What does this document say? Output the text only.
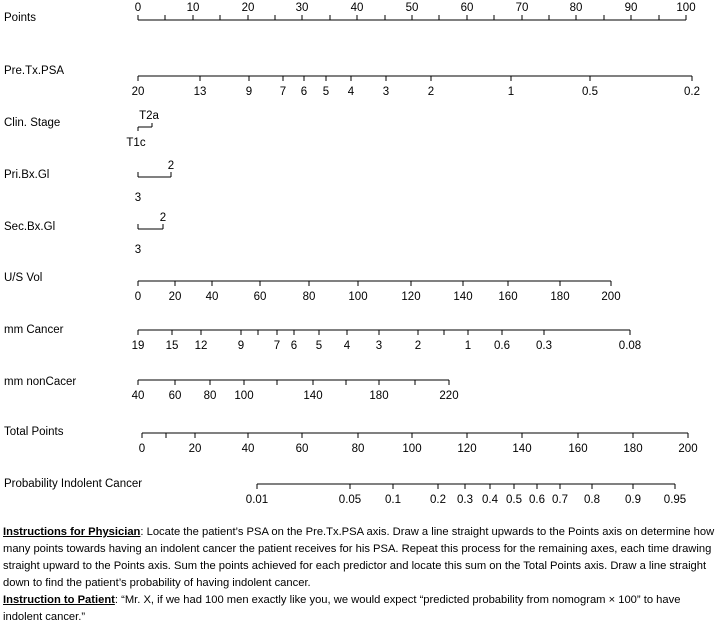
Points
0	10	20	30	40	50	60	70	80	90	100
Pre.Tx.PSA
20	13	9 7 6 5 4 3	2	1	0.5	0.2
Clin. Stage
T1c
T2a
Pri.Bx.Gl
3
2
Sec.Bx.Gl
3
2
U/S Vol
0 20 40	60	80	100	120	140 160	180	200
mm Cancer
19 15 12	9	7 6 5 4 3	2	1 0.6 0.3	0.08
mm nonCacer
40 60 80 100	140	180	220
Total Points
0	20	40	60	80	100	120	140	160	180	200
Probability Indolent Cancer
0.01	0.05 0.1	0.2 0.3 0.4 0.5 0.6 0.7 0.8 0.9 0.95

Instructions for Physician: Locate the patient’s PSA on the Pre.Tx.PSA axis. Draw a line straight upwards to the Points axis on determine how many points towards having an indolent cancer the patient receives for his PSA. Repeat this process for the remaining axes, each time drawing straight upward to the Points axis. Sum the points achieved for each predictor and locate this sum on the Total Points axis. Draw a line straight down to find the patient’s probability of having indolent cancer.

Instruction to Patient: “Mr. X, if we had 100 men exactly like you, we would expect “predicted probability from nomogram × 100” to have indolent cancer.”
